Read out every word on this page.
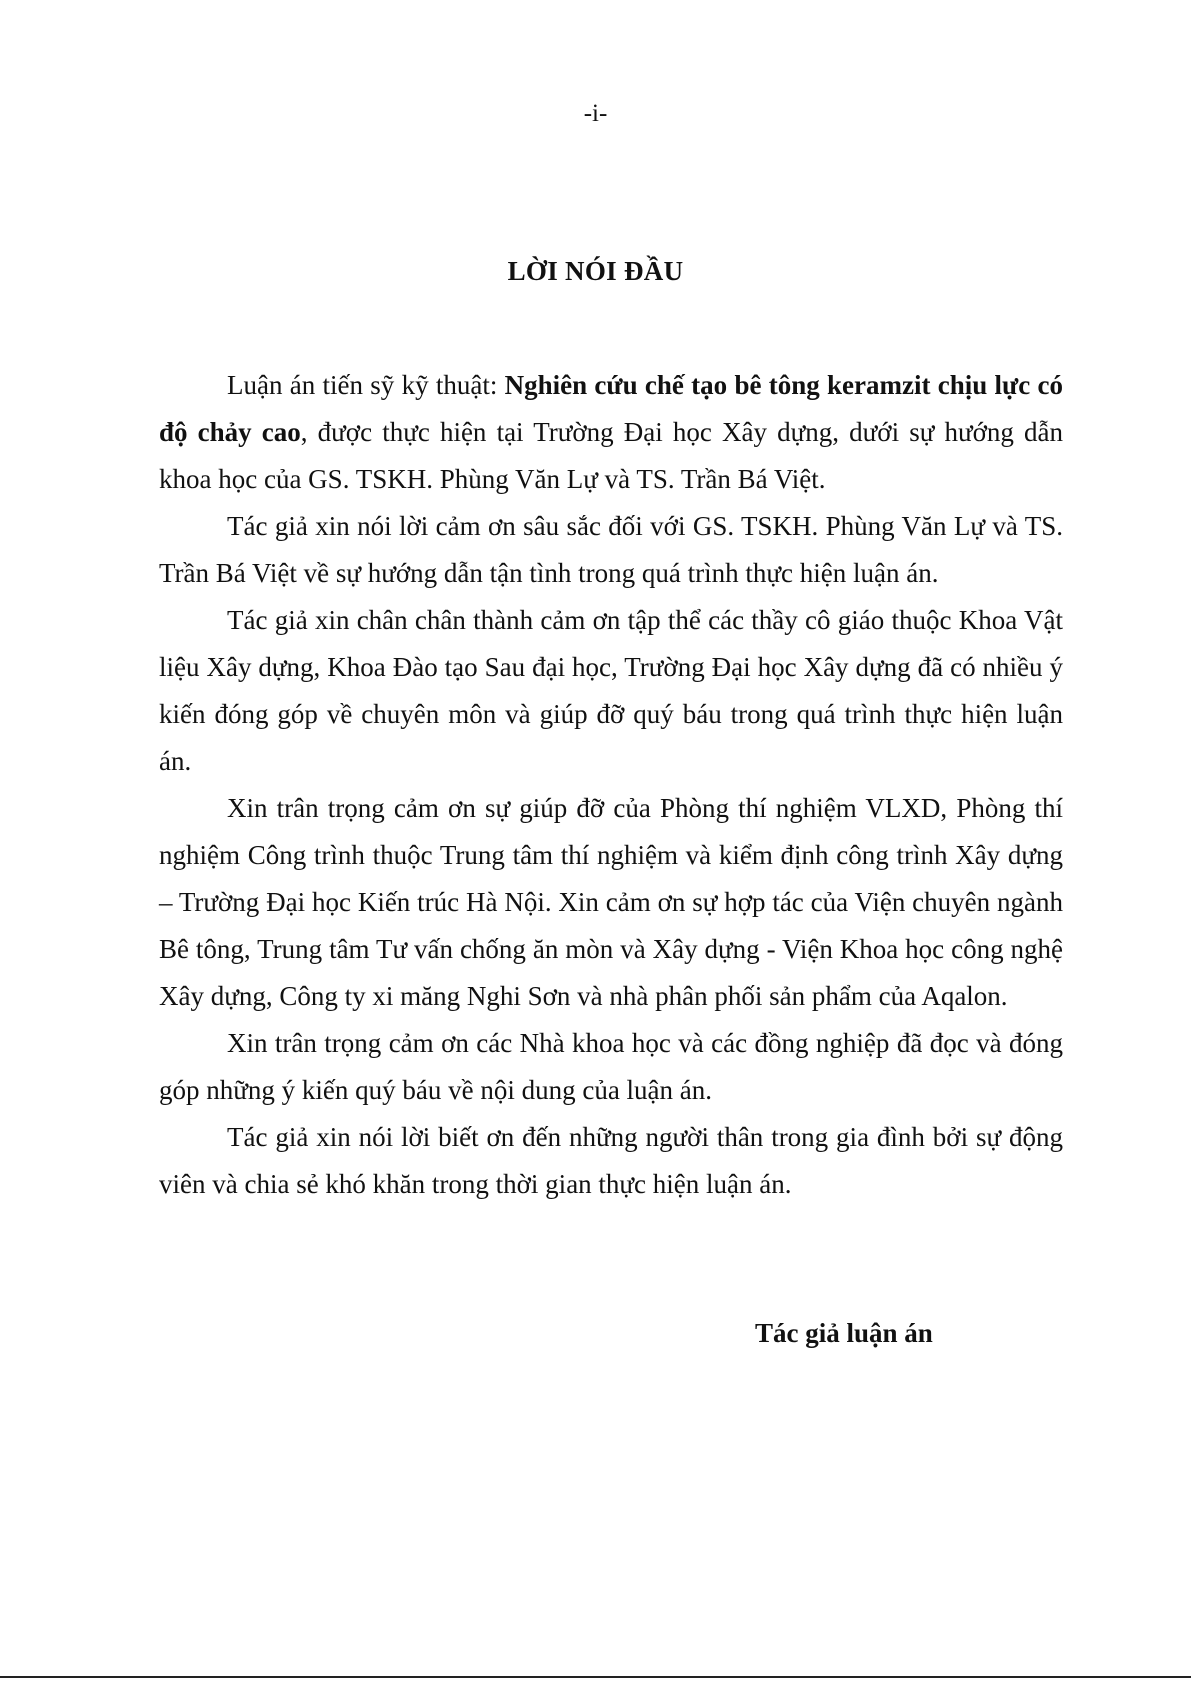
-i-
LỜI NÓI ĐẦU

Luận án tiến sỹ kỹ thuật: Nghiên cứu chế tạo bê tông keramzit chịu lực có độ chảy cao, được thực hiện tại Trường Đại học Xây dựng, dưới sự hướng dẫn khoa học của GS. TSKH. Phùng Văn Lự và TS. Trần Bá Việt.

Tác giả xin nói lời cảm ơn sâu sắc đối với GS. TSKH. Phùng Văn Lự và TS. Trần Bá Việt về sự hướng dẫn tận tình trong quá trình thực hiện luận án.

Tác giả xin chân chân thành cảm ơn tập thể các thầy cô giáo thuộc Khoa Vật liệu Xây dựng, Khoa Đào tạo Sau đại học, Trường Đại học Xây dựng đã có nhiều ý kiến đóng góp về chuyên môn và giúp đỡ quý báu trong quá trình thực hiện luận án.

Xin trân trọng cảm ơn sự giúp đỡ của Phòng thí nghiệm VLXD, Phòng thí nghiệm Công trình thuộc Trung tâm thí nghiệm và kiểm định công trình Xây dựng – Trường Đại học Kiến trúc Hà Nội. Xin cảm ơn sự hợp tác của Viện chuyên ngành Bê tông, Trung tâm Tư vấn chống ăn mòn và Xây dựng - Viện Khoa học công nghệ Xây dựng, Công ty xi măng Nghi Sơn và nhà phân phối sản phẩm của Aqalon.

Xin trân trọng cảm ơn các Nhà khoa học và các đồng nghiệp đã đọc và đóng góp những ý kiến quý báu về nội dung của luận án.

Tác giả xin nói lời biết ơn đến những người thân trong gia đình bởi sự động viên và chia sẻ khó khăn trong thời gian thực hiện luận án.

Tác giả luận án
